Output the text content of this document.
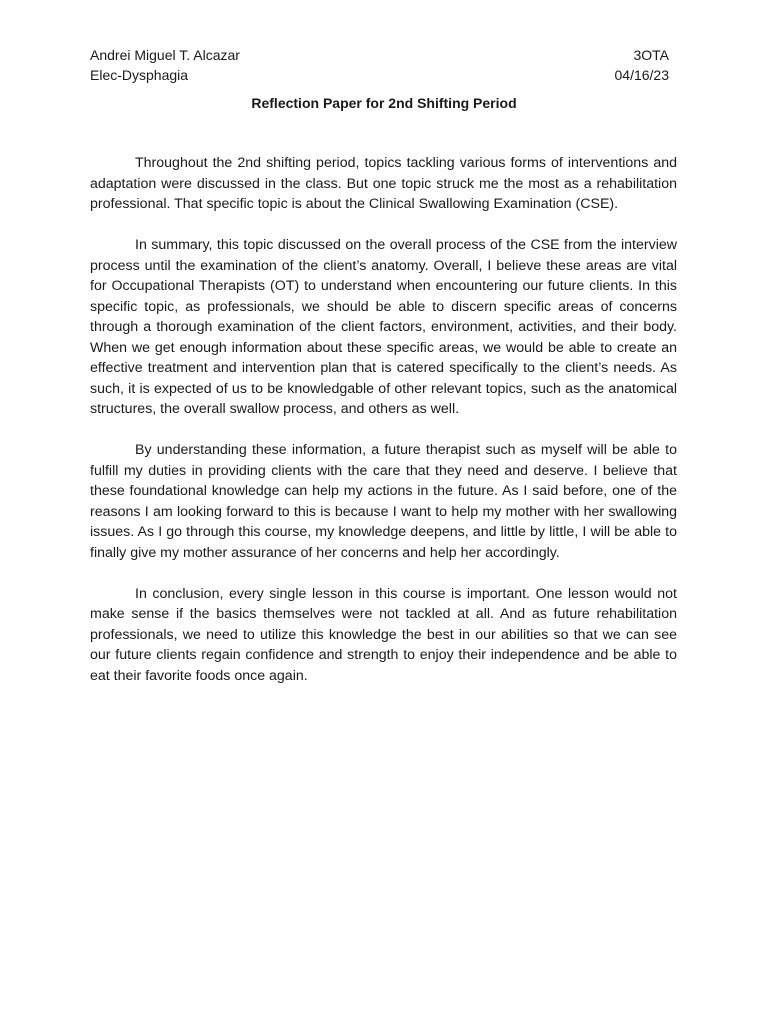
Andrei Miguel T. Alcazar	3OTA
Elec-Dysphagia	04/16/23
Reflection Paper for 2nd Shifting Period

Throughout the 2nd shifting period, topics tackling various forms of interventions and adaptation were discussed in the class. But one topic struck me the most as a rehabilitation professional. That specific topic is about the Clinical Swallowing Examination (CSE).

In summary, this topic discussed on the overall process of the CSE from the interview process until the examination of the client’s anatomy. Overall, I believe these areas are vital for Occupational Therapists (OT) to understand when encountering our future clients. In this specific topic, as professionals, we should be able to discern specific areas of concerns through a thorough examination of the client factors, environment, activities, and their body. When we get enough information about these specific areas, we would be able to create an effective treatment and intervention plan that is catered specifically to the client’s needs. As such, it is expected of us to be knowledgable of other relevant topics, such as the anatomical structures, the overall swallow process, and others as well.

By understanding these information, a future therapist such as myself will be able to fulfill my duties in providing clients with the care that they need and deserve. I believe that these foundational knowledge can help my actions in the future. As I said before, one of the reasons I am looking forward to this is because I want to help my mother with her swallowing issues. As I go through this course, my knowledge deepens, and little by little, I will be able to finally give my mother assurance of her concerns and help her accordingly.

In conclusion, every single lesson in this course is important. One lesson would not make sense if the basics themselves were not tackled at all. And as future rehabilitation professionals, we need to utilize this knowledge the best in our abilities so that we can see our future clients regain confidence and strength to enjoy their independence and be able to eat their favorite foods once again.
